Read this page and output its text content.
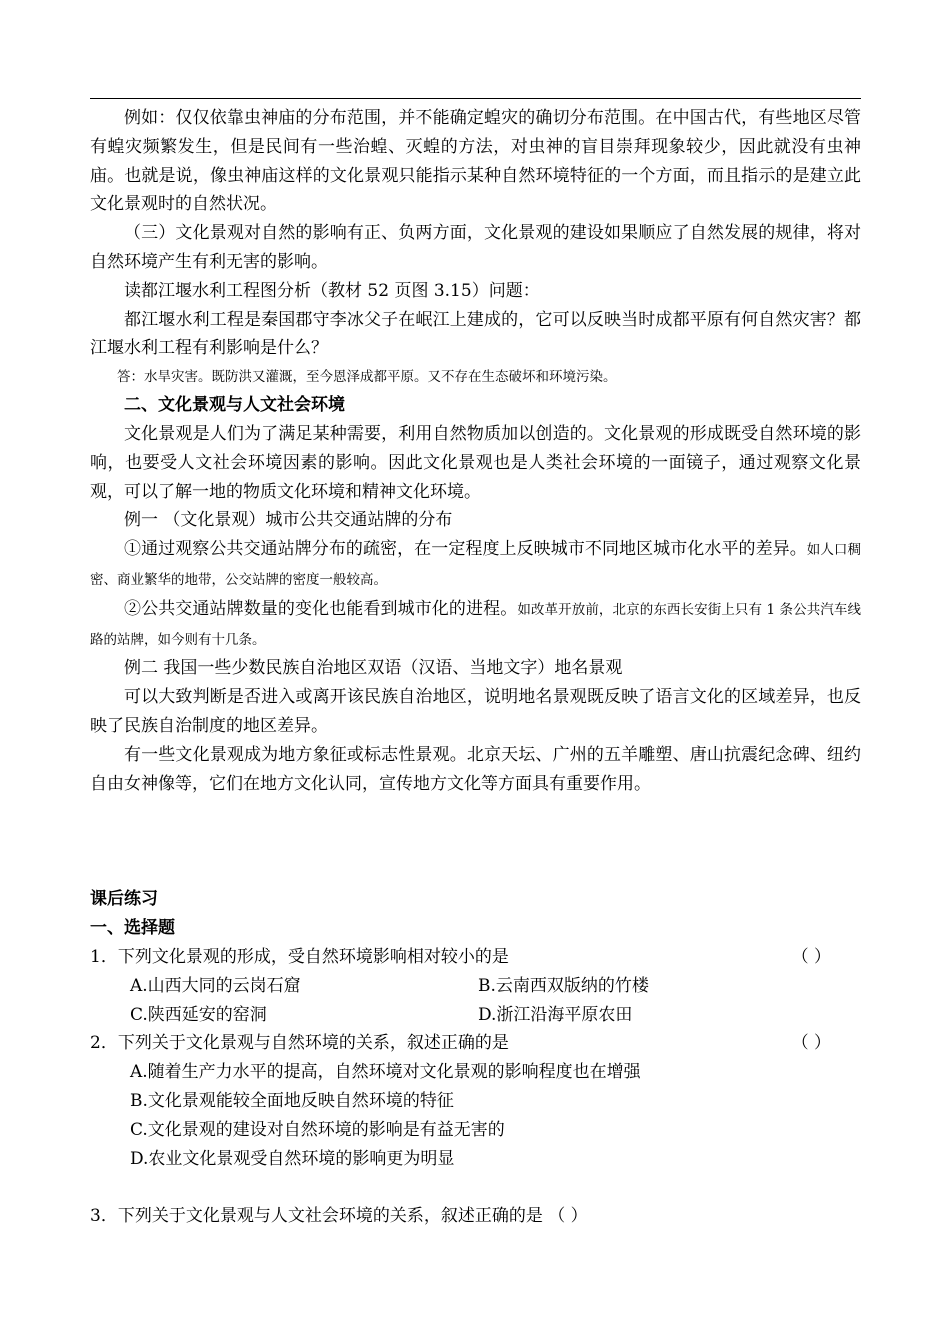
例如：仅仅依靠虫神庙的分布范围，并不能确定蝗灾的确切分布范围。在中国古代，有些地区尽管有蝗灾频繁发生，但是民间有一些治蝗、灭蝗的方法，对虫神的盲目崇拜现象较少，因此就没有虫神庙。也就是说，像虫神庙这样的文化景观只能指示某种自然环境特征的一个方面，而且指示的是建立此文化景观时的自然状况。

（三）文化景观对自然的影响有正、负两方面，文化景观的建设如果顺应了自然发展的规律，将对自然环境产生有利无害的影响。

读都江堰水利工程图分析（教材 52 页图 3.15）问题：

都江堰水利工程是秦国郡守李冰父子在岷江上建成的，它可以反映当时成都平原有何自然灾害？都江堰水利工程有利影响是什么？

答：水旱灾害。既防洪又灌溉，至今恩泽成都平原。又不存在生态破坏和环境污染。

二、文化景观与人文社会环境

文化景观是人们为了满足某种需要，利用自然物质加以创造的。文化景观的形成既受自然环境的影响，也要受人文社会环境因素的影响。因此文化景观也是人类社会环境的一面镜子，通过观察文化景观，可以了解一地的物质文化环境和精神文化环境。

例一 （文化景观）城市公共交通站牌的分布

①通过观察公共交通站牌分布的疏密，在一定程度上反映城市不同地区城市化水平的差异。如人口稠密、商业繁华的地带，公交站牌的密度一般较高。

②公共交通站牌数量的变化也能看到城市化的进程。如改革开放前，北京的东西长安街上只有 1 条公共汽车线路的站牌，如今则有十几条。

例二 我国一些少数民族自治地区双语（汉语、当地文字）地名景观

可以大致判断是否进入或离开该民族自治地区，说明地名景观既反映了语言文化的区域差异，也反映了民族自治制度的地区差异。

有一些文化景观成为地方象征或标志性景观。北京天坛、广州的五羊雕塑、唐山抗震纪念碑、纽约自由女神像等，它们在地方文化认同，宣传地方文化等方面具有重要作用。

课后练习

一、选择题

1．下列文化景观的形成，受自然环境影响相对较小的是	（ ）

A.山西大同的云岗石窟	B.云南西双版纳的竹楼
C.陕西延安的窑洞	D.浙江沿海平原农田

2．下列关于文化景观与自然环境的关系，叙述正确的是	（ ）

A.随着生产力水平的提高，自然环境对文化景观的影响程度也在增强

B.文化景观能较全面地反映自然环境的特征

C.文化景观的建设对自然环境的影响是有益无害的

D.农业文化景观受自然环境的影响更为明显

3．下列关于文化景观与人文社会环境的关系，叙述正确的是 （ ）
